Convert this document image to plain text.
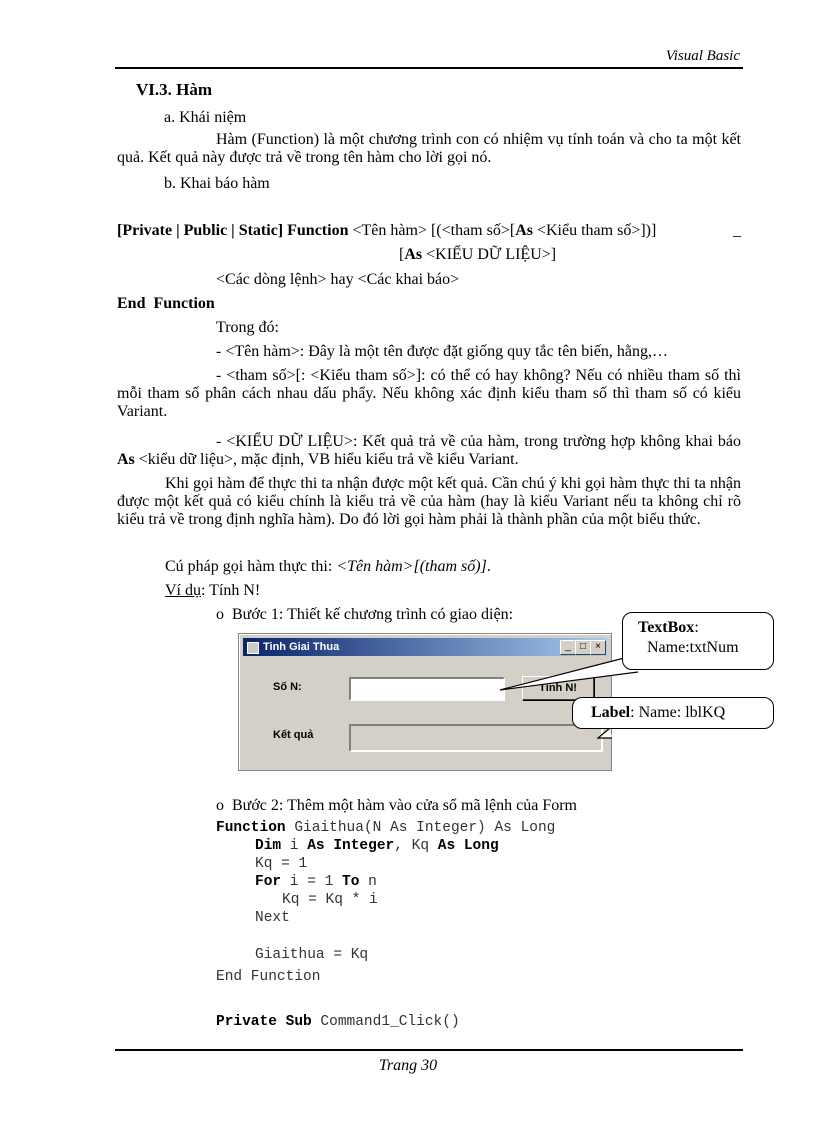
Visual Basic
VI.3. Hàm
a. Khái niệm
Hàm (Function) là một chương trình con có nhiệm vụ tính toán và cho ta một kết quả. Kết quả này được trả về trong tên hàm cho lời gọi nó.
b. Khai báo hàm
[Private | Public | Static] Function <Tên hàm> [(<tham số>[As <Kiểu tham số>])]	_
[As <KIỂU DỮ LIỆU>]
<Các dòng lệnh> hay <Các khai báo>
End  Function
Trong đó:
- <Tên hàm>: Đây là một tên được đặt giống quy tắc tên biến, hằng,…
- <tham số>[: <Kiểu tham số>]: có thể có hay không? Nếu có nhiều tham số thì mỗi tham số phân cách nhau dấu phẩy. Nếu không xác định kiểu tham số thì tham số có kiểu Variant.
- <KIỂU DỮ LIỆU>: Kết quả trả về của hàm, trong trường hợp không khai báo As <kiểu dữ liệu>, mặc định, VB hiểu kiểu trả về kiểu Variant.
Khi gọi hàm để thực thi ta nhận được một kết quả. Cần chú ý khi gọi hàm thực thi ta nhận được một kết quả có kiểu chính là kiểu trả về của hàm (hay là kiểu Variant nếu ta không chỉ rõ kiểu trả về trong định nghĩa hàm). Do đó lời gọi hàm phải là thành phần của một biểu thức.
Cú pháp gọi hàm thực thi: <Tên hàm>[(tham số)].
Ví dụ: Tính N!
o Bước 1: Thiết kế chương trình có giao diện:
Tinh Giai Thua	_ □ ×
Số N:	Tính N!
Kết quả
TextBox:
Name:txtNum
Label: Name: lblKQ
o Bước 2: Thêm một hàm vào cửa sổ mã lệnh của Form
Function Giaithua(N As Integer) As Long
Dim i As Integer, Kq As Long
Kq = 1
For i = 1 To n
Kq = Kq * i
Next
Giaithua = Kq
End Function
Private Sub Command1_Click()
Trang 30
